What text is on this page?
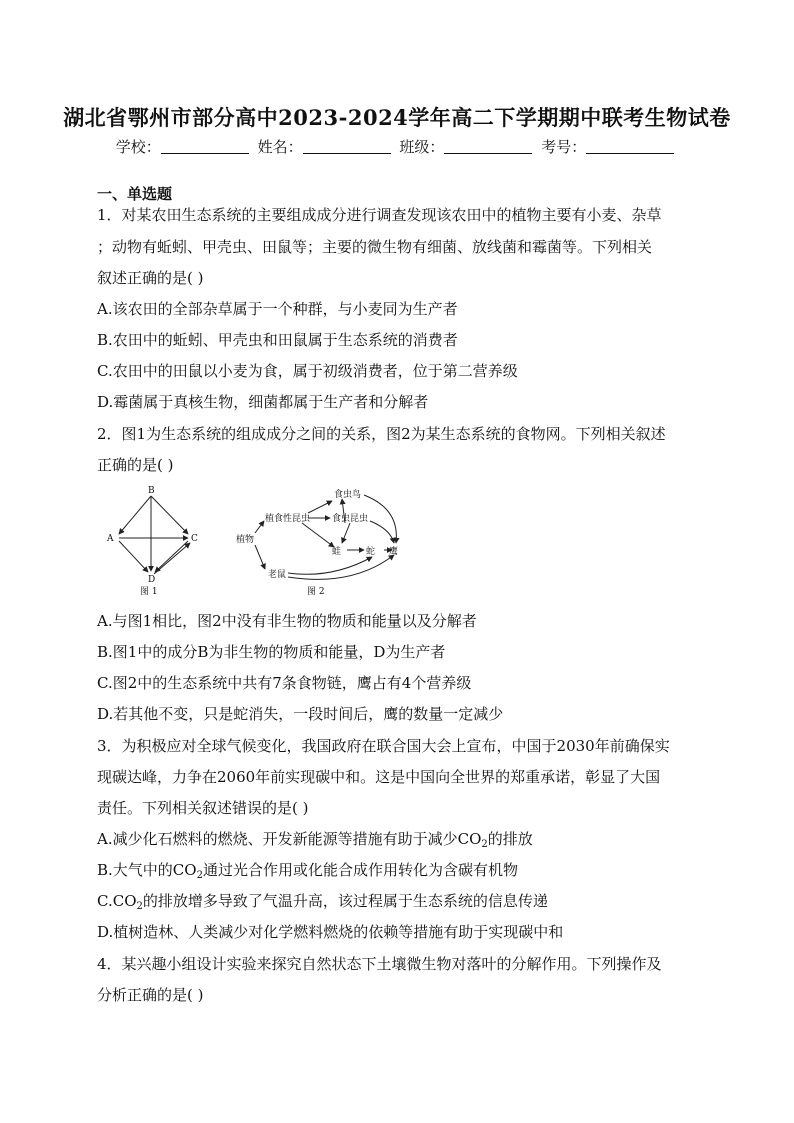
湖北省鄂州市部分高中2023-2024学年高二下学期期中联考生物试卷
学校：	姓名：	班级：	考号：
一、单选题
1．对某农田生态系统的主要组成成分进行调查发现该农田中的植物主要有小麦、杂草
；动物有蚯蚓、甲壳虫、田鼠等；主要的微生物有细菌、放线菌和霉菌等。下列相关
叙述正确的是( )
A.该农田的全部杂草属于一个种群，与小麦同为生产者
B.农田中的蚯蚓、甲壳虫和田鼠属于生态系统的消费者
C.农田中的田鼠以小麦为食，属于初级消费者，位于第二营养级
D.霉菌属于真核生物，细菌都属于生产者和分解者
2．图1为生态系统的组成成分之间的关系，图2为某生态系统的食物网。下列相关叙述
正确的是( )
B
A	C
D
图 1
食虫鸟
植食性昆虫 食虫昆虫
植物
蛙	蛇 鹰
老鼠
图 2
A.与图1相比，图2中没有非生物的物质和能量以及分解者
B.图1中的成分B为非生物的物质和能量，D为生产者
C.图2中的生态系统中共有7条食物链，鹰占有4个营养级
D.若其他不变，只是蛇消失，一段时间后，鹰的数量一定减少
3．为积极应对全球气候变化，我国政府在联合国大会上宣布，中国于2030年前确保实
现碳达峰，力争在2060年前实现碳中和。这是中国向全世界的郑重承诺，彰显了大国
责任。下列相关叙述错误的是( )
A.减少化石燃料的燃烧、开发新能源等措施有助于减少$CO_2$的排放
B.大气中的$CO_2$通过光合作用或化能合成作用转化为含碳有机物
$C.CO_2$的排放增多导致了气温升高，该过程属于生态系统的信息传递
D.植树造林、人类减少对化学燃料燃烧的依赖等措施有助于实现碳中和
4．某兴趣小组设计实验来探究自然状态下土壤微生物对落叶的分解作用。下列操作及
分析正确的是( )
